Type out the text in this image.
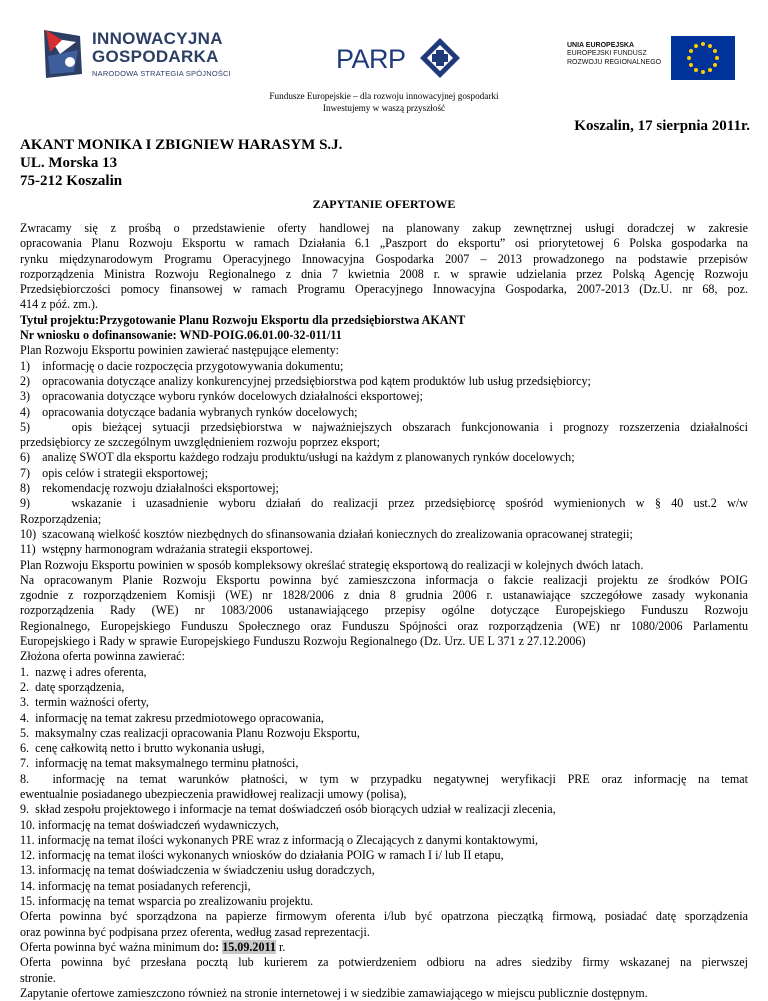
INNOWACYJNA
GOSPODARKA
NARODOWA STRATEGIA SPÓJNOŚCI	PARP	UNIA EUROPEJSKA
EUROPEJSKI FUNDUSZ
ROZWOJU REGIONALNEGO
Fundusze Europejskie – dla rozwoju innowacyjnej gospodarki
Inwestujemy w waszą przyszłość
Koszalin, 17 sierpnia 2011r.
AKANT MONIKA I ZBIGNIEW HARASYM S.J.
UL. Morska 13
75-212 Koszalin
ZAPYTANIE OFERTOWE

Zwracamy się z prośbą o przedstawienie oferty handlowej na planowany zakup zewnętrznej usługi doradczej w zakresie

opracowania Planu Rozwoju Eksportu w ramach Działania 6.1 „Paszport do eksportu” osi priorytetowej 6 Polska gospodarka na

rynku międzynarodowym Programu Operacyjnego Innowacyjna Gospodarka 2007 – 2013 prowadzonego na podstawie przepisów

rozporządzenia Ministra Rozwoju Regionalnego z dnia 7 kwietnia 2008 r. w sprawie udzielania przez Polską Agencję Rozwoju

Przedsiębiorczości pomocy finansowej w ramach Programu Operacyjnego Innowacyjna Gospodarka, 2007-2013 (Dz.U. nr 68, poz.

414 z póź. zm.).

Tytuł projektu:Przygotowanie Planu Rozwoju Eksportu dla przedsiębiorstwa AKANT

Nr wniosku o dofinansowanie: WND-POIG.06.01.00-32-011/11

Plan Rozwoju Eksportu powinien zawierać następujące elementy:

1)    informację o dacie rozpoczęcia przygotowywania dokumentu;

2)    opracowania dotyczące analizy konkurencyjnej przedsiębiorstwa pod kątem produktów lub usług przedsiębiorcy;

3)    opracowania dotyczące wyboru rynków docelowych działalności eksportowej;

4)    opracowania dotyczące badania wybranych rynków docelowych;

5)    opis bieżącej sytuacji przedsiębiorstwa w najważniejszych obszarach funkcjonowania i prognozy rozszerzenia działalności

przedsiębiorcy ze szczególnym uwzględnieniem rozwoju poprzez eksport;

6)    analizę SWOT dla eksportu każdego rodzaju produktu/usługi na każdym z planowanych rynków docelowych;

7)    opis celów i strategii eksportowej;

8)    rekomendację rozwoju działalności eksportowej;

9)    wskazanie i uzasadnienie wyboru działań do realizacji przez przedsiębiorcę spośród wymienionych w § 40 ust.2 w/w

Rozporządzenia;

10)  szacowaną wielkość kosztów niezbędnych do sfinansowania działań koniecznych do zrealizowania opracowanej strategii;

11)  wstępny harmonogram wdrażania strategii eksportowej.

Plan Rozwoju Eksportu powinien w sposób kompleksowy określać strategię eksportową do realizacji w kolejnych dwóch latach.

Na opracowanym Planie Rozwoju Eksportu powinna być zamieszczona informacja o fakcie realizacji projektu ze środków POIG

zgodnie z rozporządzeniem Komisji (WE) nr 1828/2006 z dnia 8 grudnia 2006 r. ustanawiające szczegółowe zasady wykonania

rozporządzenia Rady (WE) nr 1083/2006 ustanawiającego przepisy ogólne dotyczące Europejskiego Funduszu Rozwoju

Regionalnego, Europejskiego Funduszu Społecznego oraz Funduszu Spójności oraz rozporządzenia (WE) nr 1080/2006 Parlamentu

Europejskiego i Rady w sprawie Europejskiego Funduszu Rozwoju Regionalnego (Dz. Urz. UE L 371 z 27.12.2006)

Złożona oferta powinna zawierać:

1.  nazwę i adres oferenta,

2.  datę sporządzenia,

3.  termin ważności oferty,

4.  informację na temat zakresu przedmiotowego opracowania,

5.  maksymalny czas realizacji opracowania Planu Rozwoju Eksportu,

6.  cenę całkowitą netto i brutto wykonania usługi,

7.  informację na temat maksymalnego terminu płatności,

8.  informację na temat warunków płatności, w tym w przypadku negatywnej weryfikacji PRE oraz informację na temat

ewentualnie posiadanego ubezpieczenia prawidłowej realizacji umowy (polisa),

9.  skład zespołu projektowego i informacje na temat doświadczeń osób biorących udział w realizacji zlecenia,

10. informację na temat doświadczeń wydawniczych,

11. informację na temat ilości wykonanych PRE wraz z informacją o Zlecających z danymi kontaktowymi,

12. informację na temat ilości wykonanych wniosków do działania POIG w ramach I i/ lub II etapu,

13. informację na temat doświadczenia w świadczeniu usług doradczych,

14. informację na temat posiadanych referencji,

15. informację na temat wsparcia po zrealizowaniu projektu.

Oferta powinna być sporządzona na papierze firmowym oferenta i/lub być opatrzona pieczątką firmową, posiadać datę sporządzenia

oraz powinna być podpisana przez oferenta, według zasad reprezentacji.

Oferta powinna być ważna minimum do: 15.09.2011 r.

Oferta powinna być przesłana pocztą lub kurierem za potwierdzeniem odbioru na adres siedziby firmy wskazanej na pierwszej

stronie.

Zapytanie ofertowe zamieszczono również na stronie internetowej i w siedzibie zamawiającego w miejscu publicznie dostępnym.
